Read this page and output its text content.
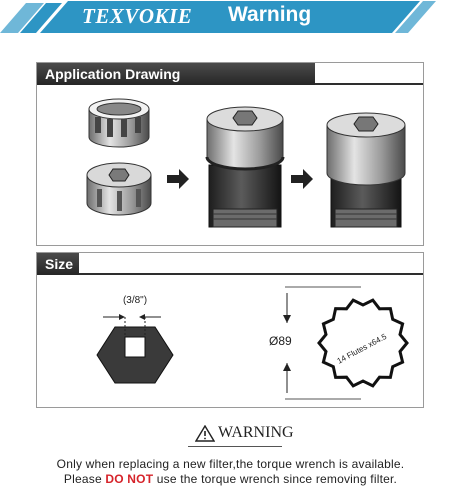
TEXVOKIE Warning
Application Drawing
Size
(3/8")
Ø89	14 Flutes x64.5
WARNING
Only when replacing a new filter,the torque wrench is available.
Please DO NOT use the torque wrench since removing filter.
